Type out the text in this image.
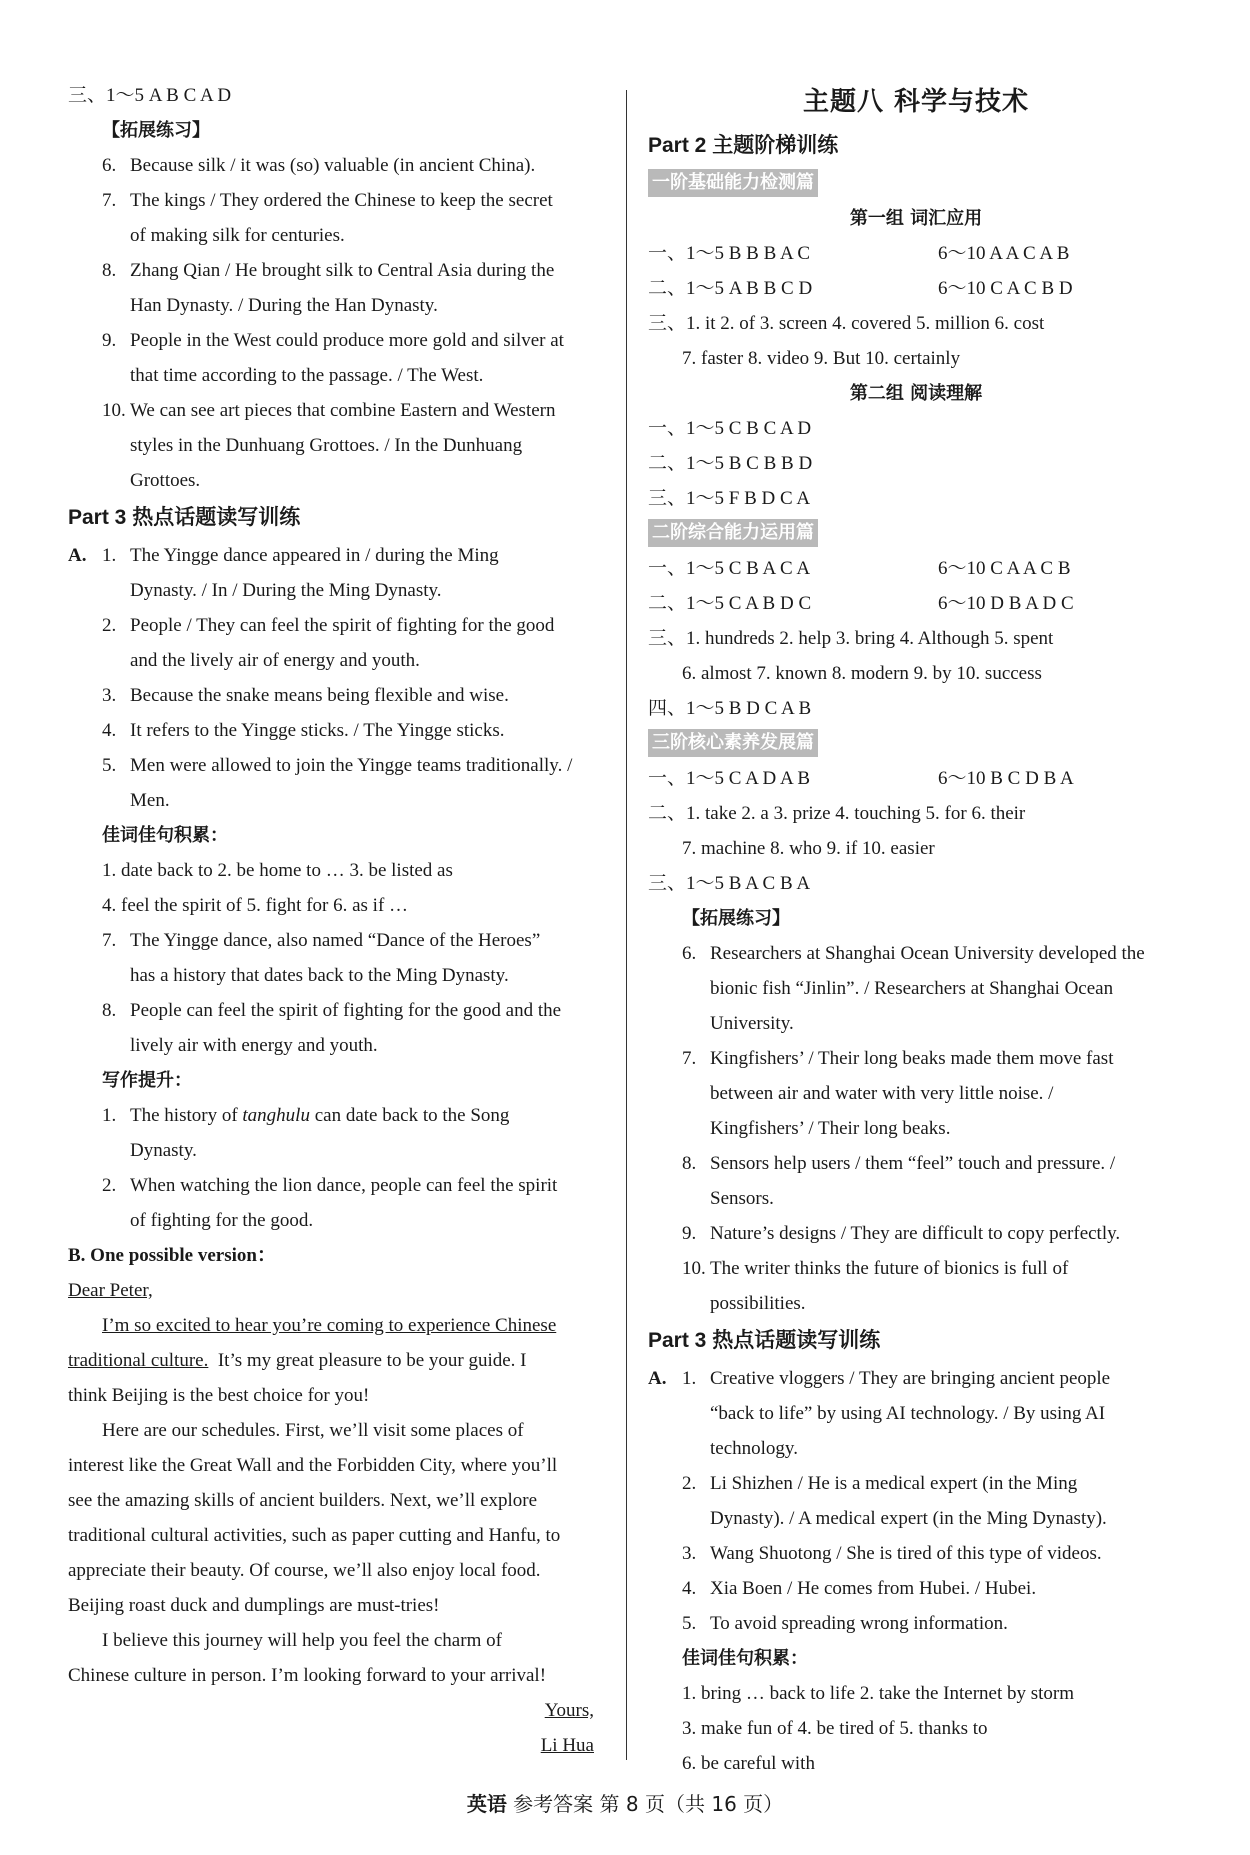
三、1～5 A B C A D
【拓展练习】
6. Because silk / it was (so) valuable (in ancient China).
7. The kings / They ordered the Chinese to keep the secret
of making silk for centuries.
8. Zhang Qian / He brought silk to Central Asia during the
Han Dynasty. / During the Han Dynasty.
9. People in the West could produce more gold and silver at
that time according to the passage. / The West.
10. We can see art pieces that combine Eastern and Western
styles in the Dunhuang Grottoes. / In the Dunhuang
Grottoes.
Part 3 热点话题读写训练
A. 1. The Yingge dance appeared in / during the Ming
Dynasty. / In / During the Ming Dynasty.
2. People / They can feel the spirit of fighting for the good
and the lively air of energy and youth.
3. Because the snake means being flexible and wise.
4. It refers to the Yingge sticks. / The Yingge sticks.
5. Men were allowed to join the Yingge teams traditionally. /
Men.
佳词佳句积累：
1. date back to 2. be home to … 3. be listed as
4. feel the spirit of 5. fight for 6. as if …
7. The Yingge dance, also named “Dance of the Heroes”
has a history that dates back to the Ming Dynasty.
8. People can feel the spirit of fighting for the good and the
lively air with energy and youth.
写作提升：
1. The history of tanghulu can date back to the Song
Dynasty.
2. When watching the lion dance, people can feel the spirit
of fighting for the good.
B. One possible version：
Dear Peter,
I’m so excited to hear you’re coming to experience Chinese
traditional culture. It’s my great pleasure to be your guide. I
think Beijing is the best choice for you!
Here are our schedules. First, we’ll visit some places of
interest like the Great Wall and the Forbidden City, where you’ll
see the amazing skills of ancient builders. Next, we’ll explore
traditional cultural activities, such as paper cutting and Hanfu, to
appreciate their beauty. Of course, we’ll also enjoy local food.
Beijing roast duck and dumplings are must-tries!
I believe this journey will help you feel the charm of
Chinese culture in person. I’m looking forward to your arrival!
Yours,
Li Hua
主题八 科学与技术
Part 2 主题阶梯训练
一阶基础能力检测篇
第一组 词汇应用
一、1～5 B B B A C	6～10 A A C A B
二、1～5 A B B C D	6～10 C A C B D
三、1. it 2. of 3. screen 4. covered 5. million 6. cost
7. faster 8. video 9. But 10. certainly
第二组 阅读理解
一、1～5 C B C A D
二、1～5 B C B B D
三、1～5 F B D C A
二阶综合能力运用篇
一、1～5 C B A C A	6～10 C A A C B
二、1～5 C A B D C	6～10 D B A D C
三、1. hundreds 2. help 3. bring 4. Although 5. spent
6. almost 7. known 8. modern 9. by 10. success
四、1～5 B D C A B
三阶核心素养发展篇
一、1～5 C A D A B	6～10 B C D B A
二、1. take 2. a 3. prize 4. touching 5. for 6. their
7. machine 8. who 9. if 10. easier
三、1～5 B A C B A
【拓展练习】
6. Researchers at Shanghai Ocean University developed the
bionic fish “Jinlin”. / Researchers at Shanghai Ocean
University.
7. Kingfishers’ / Their long beaks made them move fast
between air and water with very little noise. /
Kingfishers’ / Their long beaks.
8. Sensors help users / them “feel” touch and pressure. /
Sensors.
9. Nature’s designs / They are difficult to copy perfectly.
10. The writer thinks the future of bionics is full of
possibilities.
Part 3 热点话题读写训练
A. 1. Creative vloggers / They are bringing ancient people
“back to life” by using AI technology. / By using AI
technology.
2. Li Shizhen / He is a medical expert (in the Ming
Dynasty). / A medical expert (in the Ming Dynasty).
3. Wang Shuotong / She is tired of this type of videos.
4. Xia Boen / He comes from Hubei. / Hubei.
5. To avoid spreading wrong information.
佳词佳句积累：
1. bring … back to life 2. take the Internet by storm
3. make fun of 4. be tired of 5. thanks to
6. be careful with
英语 参考答案 第 8 页（共 16 页）
